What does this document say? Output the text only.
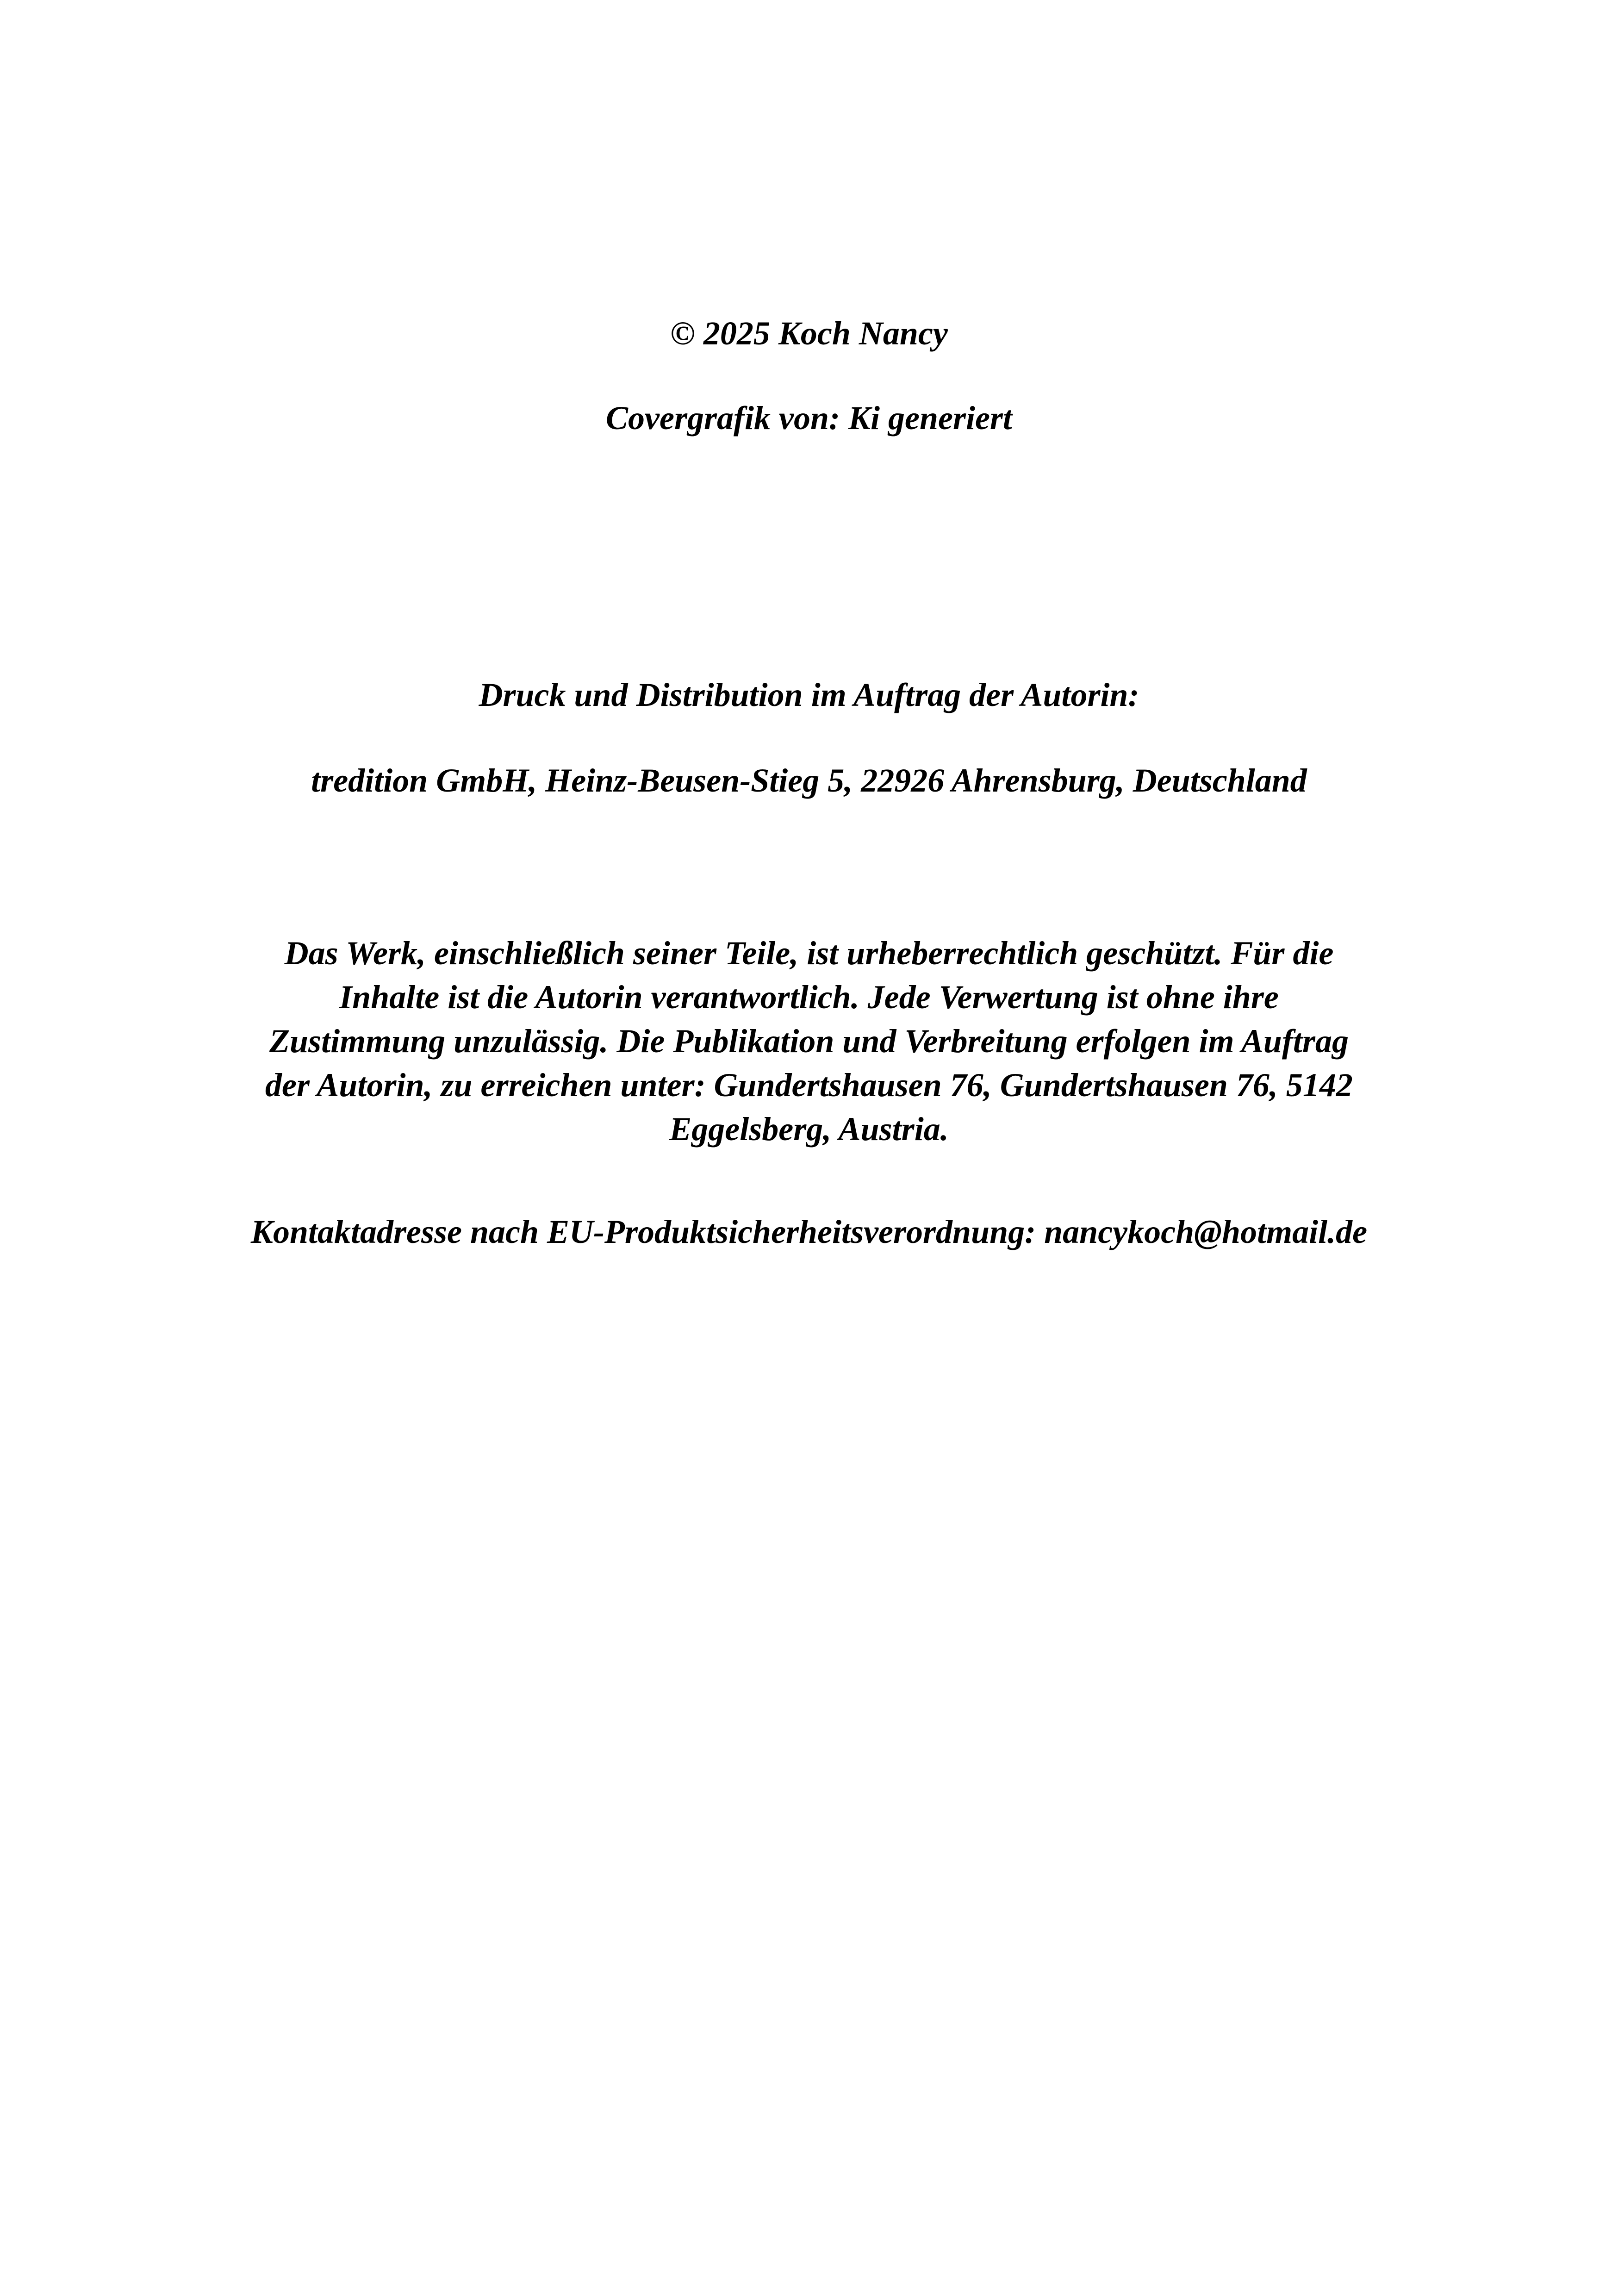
© 2025 Koch Nancy
Covergrafik von: Ki generiert
Druck und Distribution im Auftrag der Autorin:
tredition GmbH, Heinz-Beusen-Stieg 5, 22926 Ahrensburg, Deutschland
Das Werk, einschließlich seiner Teile, ist urheberrechtlich geschützt. Für die
Inhalte ist die Autorin verantwortlich. Jede Verwertung ist ohne ihre
Zustimmung unzulässig. Die Publikation und Verbreitung erfolgen im Auftrag
der Autorin, zu erreichen unter: Gundertshausen 76, Gundertshausen 76, 5142
Eggelsberg, Austria.
Kontaktadresse nach EU-Produktsicherheitsverordnung: nancykoch@hotmail.de
